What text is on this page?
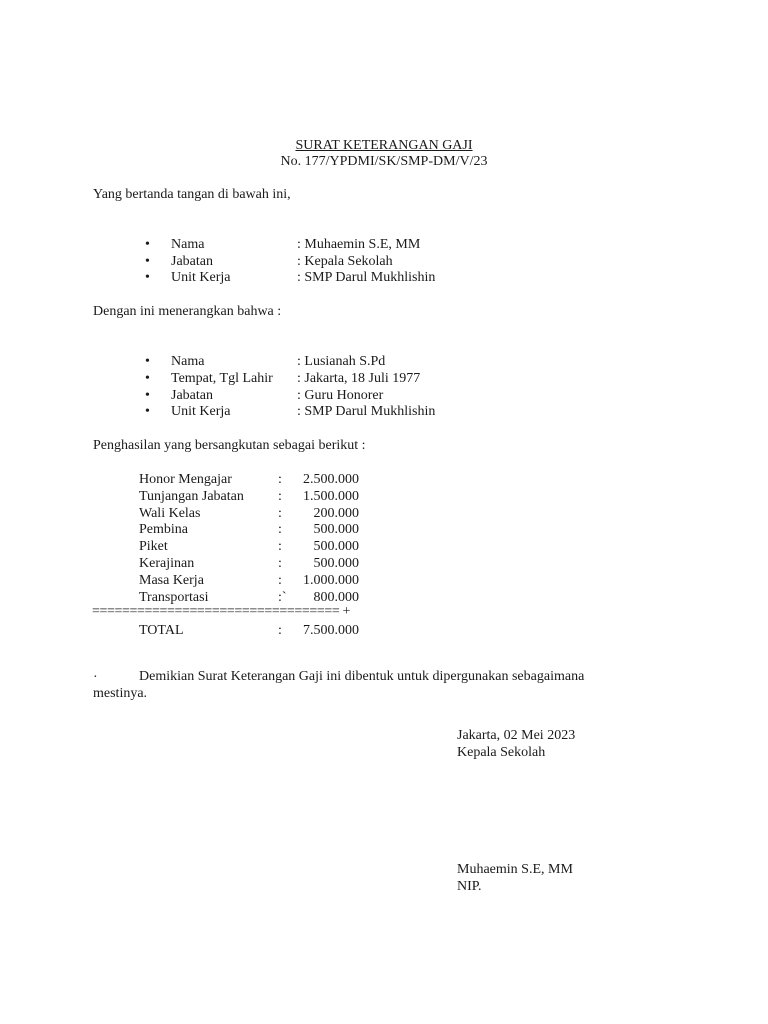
SURAT KETERANGAN GAJI
No. 177/YPDMI/SK/SMP-DM/V/23
Yang bertanda tangan di bawah ini,
• Nama	: Muhaemin S.E, MM
• Jabatan	: Kepala Sekolah
• Unit Kerja	: SMP Darul Mukhlishin
Dengan ini menerangkan bahwa :
• Nama	: Lusianah S.Pd
• Tempat, Tgl Lahir : Jakarta, 18 Juli 1977
• Jabatan	: Guru Honorer
• Unit Kerja	: SMP Darul Mukhlishin
Penghasilan yang bersangkutan sebagai berikut :
Honor Mengajar	:	2.500.000
Tunjangan Jabatan :	1.500.000
Wali Kelas	:	200.000
Pembina	:	500.000
Piket	:	500.000
Kerajinan	:	500.000
Masa Kerja	:	1.000.000
Transportasi	:`	800.000
================================= +
TOTAL	:	7.500.000
·	Demikian Surat Keterangan Gaji ini dibentuk untuk dipergunakan sebagaimana
mestinya.
Jakarta, 02 Mei 2023
Kepala Sekolah
Muhaemin S.E, MM
NIP.
